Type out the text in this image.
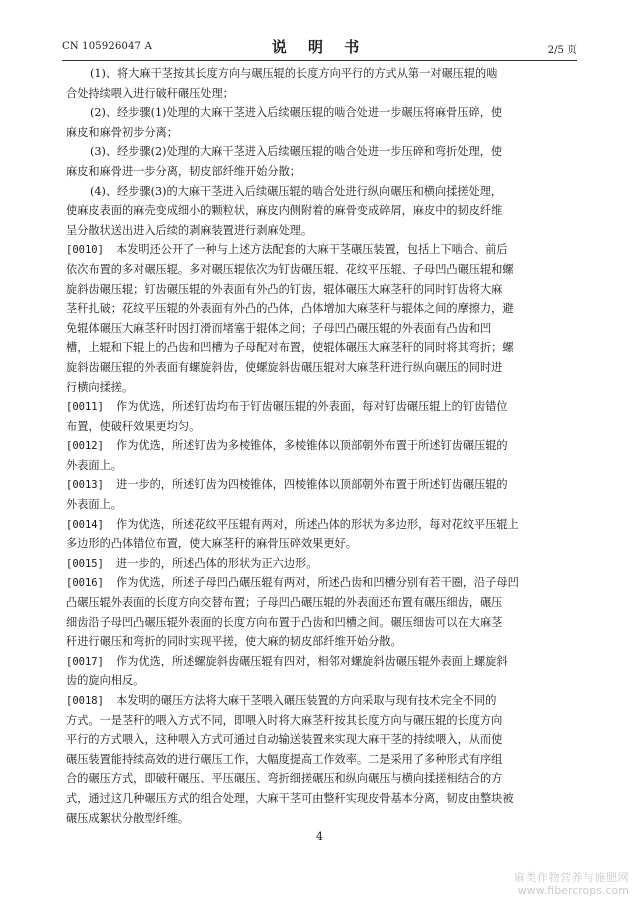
CN 105926047 A	说 明 书	2/5 页
(1)、将大麻干茎按其长度方向与碾压辊的长度方向平行的方式从第一对碾压辊的啮
合处持续喂入进行破秆碾压处理；
(2)、经步骤(1)处理的大麻干茎进入后续碾压辊的啮合处进一步碾压将麻骨压碎，使
麻皮和麻骨初步分离；
(3)、经步骤(2)处理的大麻干茎进入后续碾压辊的啮合处进一步压碎和弯折处理，使
麻皮和麻骨进一步分离，韧皮部纤维开始分散；
(4)、经步骤(3)的大麻干茎进入后续碾压辊的啮合处进行纵向碾压和横向揉搓处理，
使麻皮表面的麻壳变成细小的颗粒状，麻皮内侧附着的麻骨变成碎屑，麻皮中的韧皮纤维
呈分散状送出进入后续的剥麻装置进行剥麻处理。
[0010] 本发明还公开了一种与上述方法配套的大麻干茎碾压装置，包括上下啮合、前后
依次布置的多对碾压辊。多对碾压辊依次为钉齿碾压辊、花纹平压辊、子母凹凸碾压辊和螺
旋斜齿碾压辊；钉齿碾压辊的外表面有外凸的钉齿，辊体碾压大麻茎秆的同时钉齿将大麻
茎秆扎破；花纹平压辊的外表面有外凸的凸体，凸体增加大麻茎秆与辊体之间的摩擦力，避
免辊体碾压大麻茎秆时因打滑而堵塞于辊体之间；子母凹凸碾压辊的外表面有凸齿和凹
槽，上辊和下辊上的凸齿和凹槽为子母配对布置，使辊体碾压大麻茎秆的同时将其弯折；螺
旋斜齿碾压辊的外表面有螺旋斜齿，使螺旋斜齿碾压辊对大麻茎秆进行纵向碾压的同时进
行横向揉搓。
[0011] 作为优选，所述钉齿均布于钉齿碾压辊的外表面，每对钉齿碾压辊上的钉齿错位
布置，使破秆效果更均匀。
[0012] 作为优选，所述钉齿为多棱锥体，多棱锥体以顶部朝外布置于所述钉齿碾压辊的
外表面上。
[0013] 进一步的，所述钉齿为四棱锥体，四棱锥体以顶部朝外布置于所述钉齿碾压辊的
外表面上。
[0014] 作为优选，所述花纹平压辊有两对，所述凸体的形状为多边形，每对花纹平压辊上
多边形的凸体错位布置，使大麻茎秆的麻骨压碎效果更好。
[0015] 进一步的，所述凸体的形状为正六边形。
[0016] 作为优选，所述子母凹凸碾压辊有两对，所述凸齿和凹槽分别有若干圈，沿子母凹
凸碾压辊外表面的长度方向交替布置；子母凹凸碾压辊的外表面还布置有碾压细齿，碾压
细齿沿子母凹凸碾压辊外表面的长度方向布置于凸齿和凹槽之间。碾压细齿可以在大麻茎
秆进行碾压和弯折的同时实现平搓，使大麻的韧皮部纤维开始分散。
[0017] 作为优选，所述螺旋斜齿碾压辊有四对，相邻对螺旋斜齿碾压辊外表面上螺旋斜
齿的旋向相反。
[0018] 本发明的碾压方法将大麻干茎喂入碾压装置的方向采取与现有技术完全不同的
方式。一是茎秆的喂入方式不同，即喂入时将大麻茎秆按其长度方向与碾压辊的长度方向
平行的方式喂入，这种喂入方式可通过自动输送装置来实现大麻干茎的持续喂入，从而使
碾压装置能持续高效的进行碾压工作，大幅度提高工作效率。二是采用了多种形式有序组
合的碾压方式，即破秆碾压、平压碾压、弯折细搓碾压和纵向碾压与横向揉搓相结合的方
式，通过这几种碾压方式的组合处理，大麻干茎可由整秆实现皮骨基本分离，韧皮由整块被
碾压成絮状分散型纤维。
4
麻类作物营养与施肥网
www.fibercrops.com
